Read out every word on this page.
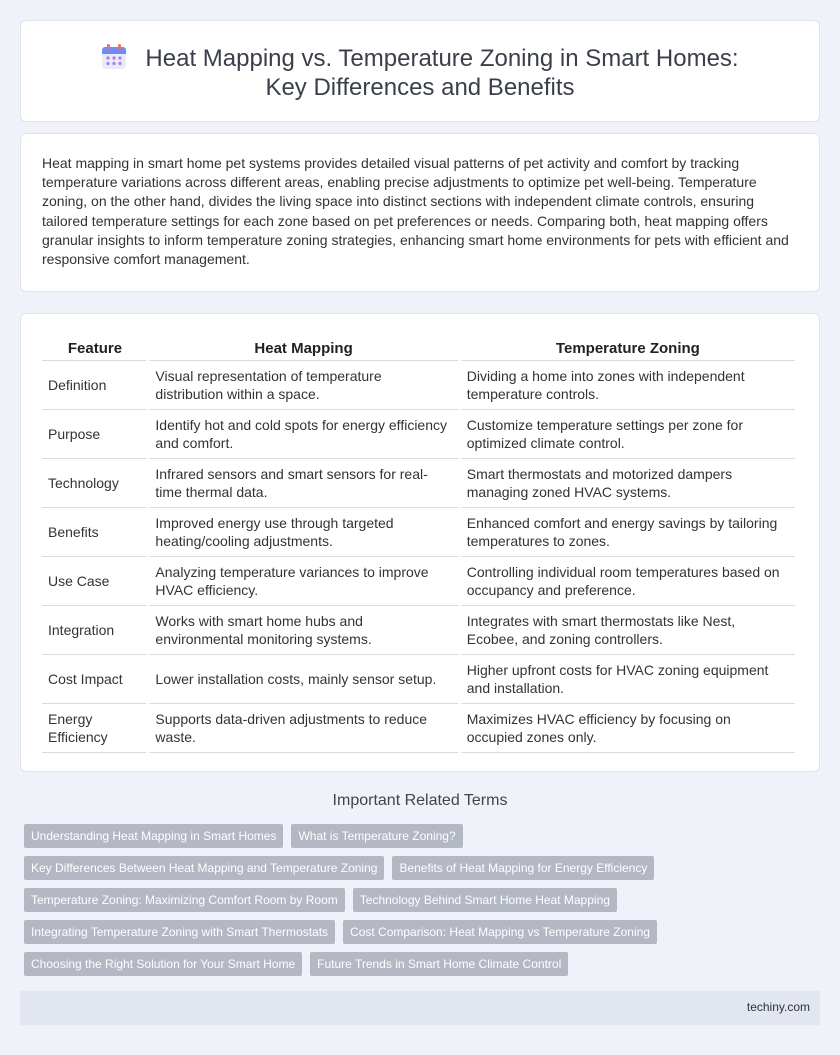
Heat Mapping vs. Temperature Zoning in Smart Homes: Key Differences and Benefits

Heat mapping in smart home pet systems provides detailed visual patterns of pet activity and comfort by tracking temperature variations across different areas, enabling precise adjustments to optimize pet well-being. Temperature zoning, on the other hand, divides the living space into distinct sections with independent climate controls, ensuring tailored temperature settings for each zone based on pet preferences or needs. Comparing both, heat mapping offers granular insights to inform temperature zoning strategies, enhancing smart home environments for pets with efficient and responsive comfort management.

Feature	Heat Mapping	Temperature Zoning
Definition	Visual representation of temperature distribution within a space.	Dividing a home into zones with independent temperature controls.
Purpose	Identify hot and cold spots for energy efficiency and comfort.	Customize temperature settings per zone for optimized climate control.
Technology	Infrared sensors and smart sensors for real-time thermal data.	Smart thermostats and motorized dampers managing zoned HVAC systems.
Benefits	Improved energy use through targeted heating/cooling adjustments.	Enhanced comfort and energy savings by tailoring temperatures to zones.
Use Case	Analyzing temperature variances to improve HVAC efficiency.	Controlling individual room temperatures based on occupancy and preference.
Integration	Works with smart home hubs and environmental monitoring systems.	Integrates with smart thermostats like Nest, Ecobee, and zoning controllers.
Cost Impact	Lower installation costs, mainly sensor setup.	Higher upfront costs for HVAC zoning equipment and installation.
Energy Efficiency	Supports data-driven adjustments to reduce waste.	Maximizes HVAC efficiency by focusing on occupied zones only.
Important Related Terms
Understanding Heat Mapping in Smart Homes	What is Temperature Zoning?
Key Differences Between Heat Mapping and Temperature Zoning	Benefits of Heat Mapping for Energy Efficiency
Temperature Zoning: Maximizing Comfort Room by Room	Technology Behind Smart Home Heat Mapping
Integrating Temperature Zoning with Smart Thermostats	Cost Comparison: Heat Mapping vs Temperature Zoning
Choosing the Right Solution for Your Smart Home	Future Trends in Smart Home Climate Control
techiny.com
